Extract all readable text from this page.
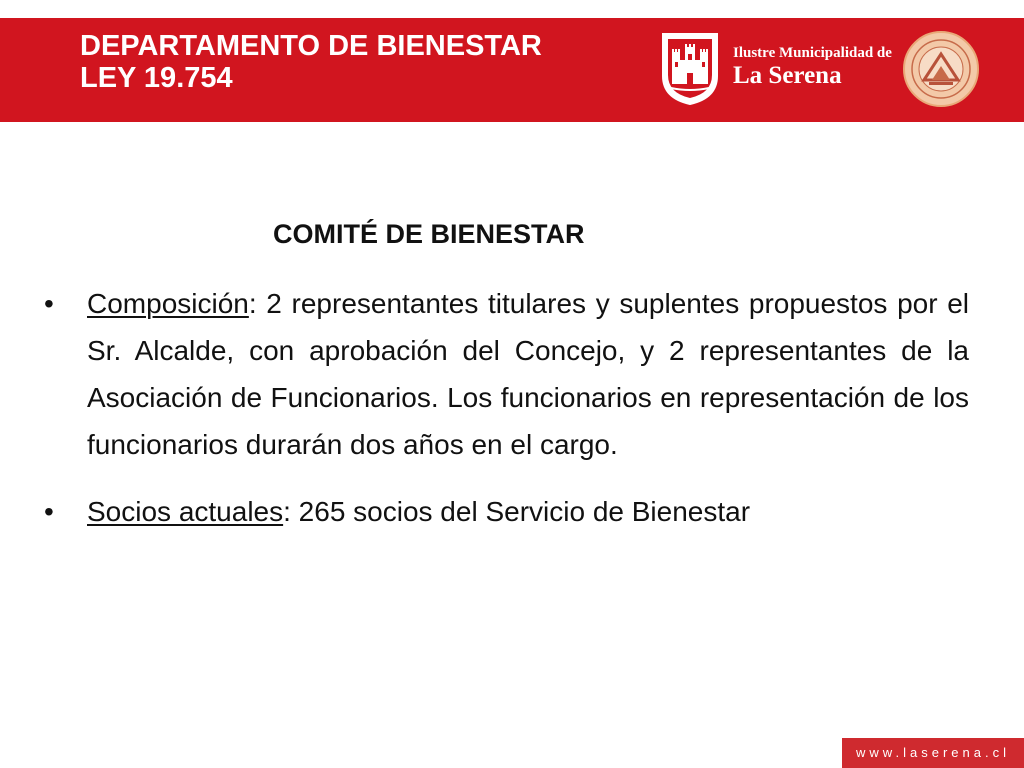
DEPARTAMENTO DE BIENESTAR
LEY 19.754
Ilustre Municipalidad de
La Serena
COMITÉ DE BIENESTAR
• Composición: 2 representantes titulares y suplentes propuestos por el Sr. Alcalde, con aprobación del Concejo, y 2 representantes de la Asociación de Funcionarios. Los funcionarios en representación de los funcionarios durarán dos años en el cargo.

• Socios actuales: 265 socios del Servicio de Bienestar

www.laserena.cl
